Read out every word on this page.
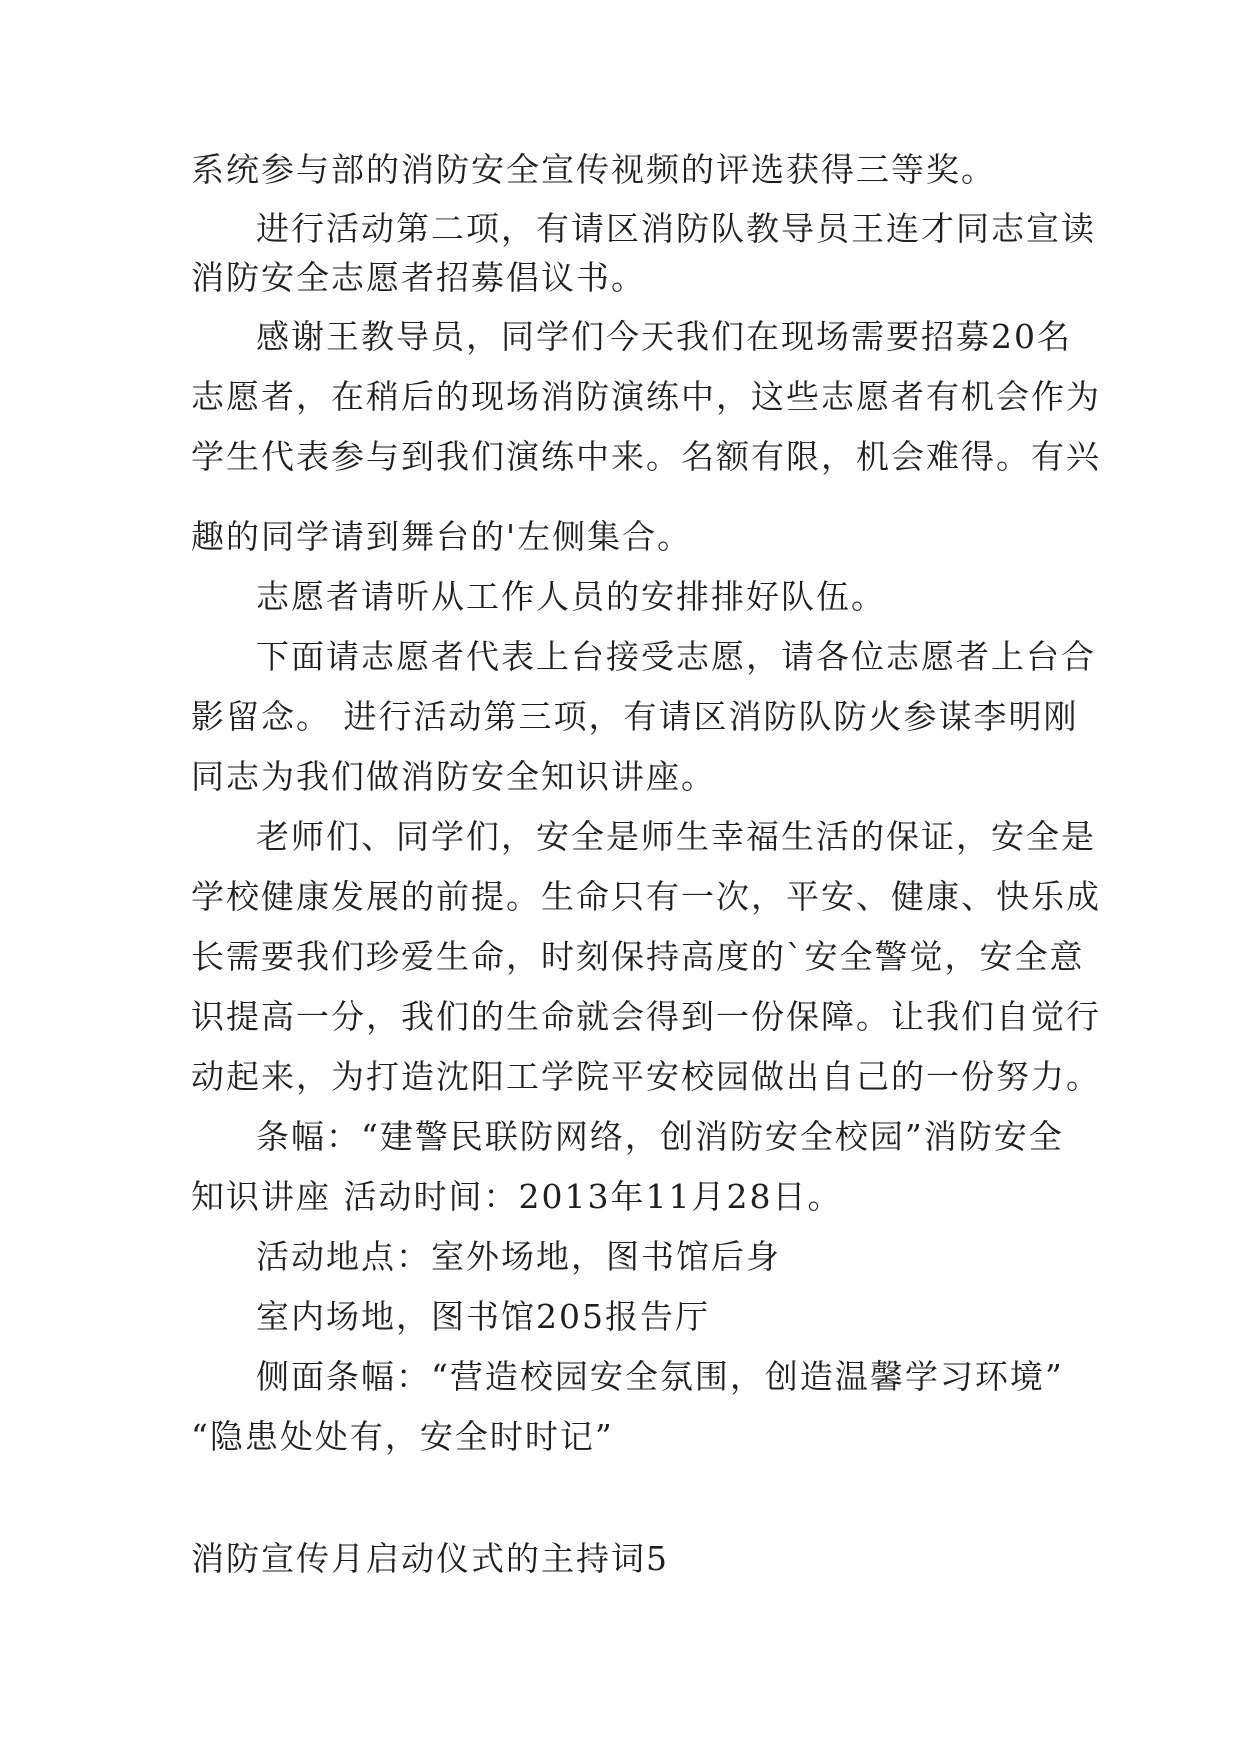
系统参与部的消防安全宣传视频的评选获得三等奖。
进行活动第二项，有请区消防队教导员王连才同志宣读
消防安全志愿者招募倡议书。
感谢王教导员，同学们今天我们在现场需要招募20名
志愿者，在稍后的现场消防演练中，这些志愿者有机会作为
学生代表参与到我们演练中来。名额有限，机会难得。有兴
趣的同学请到舞台的'左侧集合。
志愿者请听从工作人员的安排排好队伍。
下面请志愿者代表上台接受志愿，请各位志愿者上台合
影留念。 进行活动第三项，有请区消防队防火参谋李明刚
同志为我们做消防安全知识讲座。
老师们、同学们，安全是师生幸福生活的保证，安全是
学校健康发展的前提。生命只有一次，平安、健康、快乐成
长需要我们珍爱生命，时刻保持高度的`安全警觉，安全意
识提高一分，我们的生命就会得到一份保障。让我们自觉行
动起来，为打造沈阳工学院平安校园做出自己的一份努力。
条幅：“建警民联防网络，创消防安全校园”消防安全
知识讲座 活动时间：2013年11月28日。
活动地点：室外场地，图书馆后身
室内场地，图书馆205报告厅
侧面条幅：“营造校园安全氛围，创造温馨学习环境”
“隐患处处有，安全时时记”
消防宣传月启动仪式的主持词5
